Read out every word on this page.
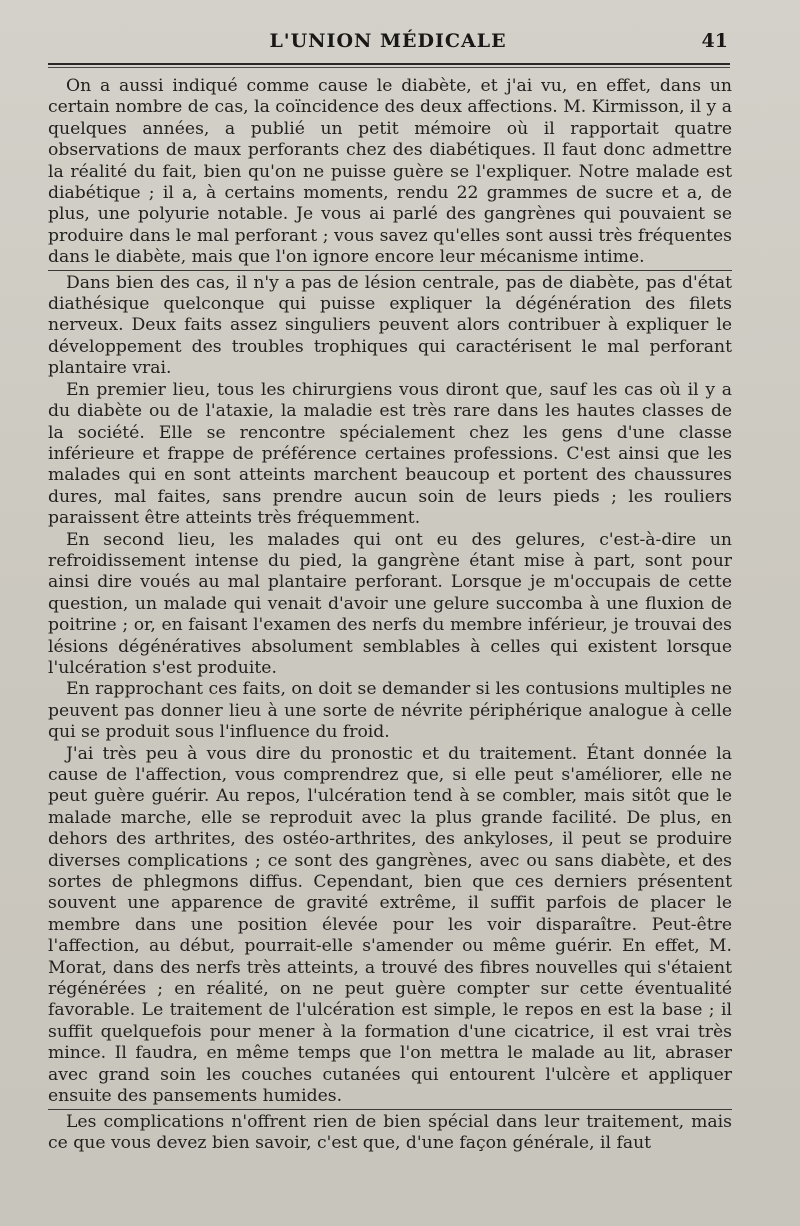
L'UNION MÉDICALE	41

On a aussi indiqué comme cause le diabète, et j'ai vu, en effet, dans un certain nombre de cas, la coïncidence des deux affections. M. Kirmisson, il y a quelques années, a publié un petit mémoire où il rapportait quatre observations de maux perforants chez des diabétiques. Il faut donc admettre la réalité du fait, bien qu'on ne puisse guère se l'expliquer. Notre malade est diabétique ; il a, à certains moments, rendu 22 grammes de sucre et a, de plus, une polyurie notable. Je vous ai parlé des gangrènes qui pouvaient se produire dans le mal perforant ; vous savez qu'elles sont aussi très fréquentes dans le diabète, mais que l'on ignore encore leur mécanisme intime.

Dans bien des cas, il n'y a pas de lésion centrale, pas de diabète, pas d'état diathésique quelconque qui puisse expliquer la dégénération des filets nerveux. Deux faits assez singuliers peuvent alors contribuer à expliquer le développement des troubles trophiques qui caractérisent le mal perforant plantaire vrai.

En premier lieu, tous les chirurgiens vous diront que, sauf les cas où il y a du diabète ou de l'ataxie, la maladie est très rare dans les hautes classes de la société. Elle se rencontre spécialement chez les gens d'une classe inférieure et frappe de préférence certaines professions. C'est ainsi que les malades qui en sont atteints marchent beaucoup et portent des chaussures dures, mal faites, sans prendre aucun soin de leurs pieds ; les rouliers paraissent être atteints très fréquemment.

En second lieu, les malades qui ont eu des gelures, c'est-à-dire un refroidissement intense du pied, la gangrène étant mise à part, sont pour ainsi dire voués au mal plantaire perforant. Lorsque je m'occupais de cette question, un malade qui venait d'avoir une gelure succomba à une fluxion de poitrine ; or, en faisant l'examen des nerfs du membre inférieur, je trouvai des lésions dégénératives absolument semblables à celles qui existent lorsque l'ulcération s'est produite.

En rapprochant ces faits, on doit se demander si les contusions multiples ne peuvent pas donner lieu à une sorte de névrite périphérique analogue à celle qui se produit sous l'influence du froid.

J'ai très peu à vous dire du pronostic et du traitement. Étant donnée la cause de l'affection, vous comprendrez que, si elle peut s'améliorer, elle ne peut guère guérir. Au repos, l'ulcération tend à se combler, mais sitôt que le malade marche, elle se reproduit avec la plus grande facilité. De plus, en dehors des arthrites, des ostéo-arthrites, des ankyloses, il peut se produire diverses complications ; ce sont des gangrènes, avec ou sans diabète, et des sortes de phlegmons diffus. Cependant, bien que ces derniers présentent souvent une apparence de gravité extrême, il suffit parfois de placer le membre dans une position élevée pour les voir disparaître. Peut-être l'affection, au début, pourrait-elle s'amender ou même guérir. En effet, M. Morat, dans des nerfs très atteints, a trouvé des fibres nouvelles qui s'étaient régénérées ; en réalité, on ne peut guère compter sur cette éventualité favorable. Le traitement de l'ulcération est simple, le repos en est la base ; il suffit quelquefois pour mener à la formation d'une cicatrice, il est vrai très mince. Il faudra, en même temps que l'on mettra le malade au lit, abraser avec grand soin les couches cutanées qui entourent l'ulcère et appliquer ensuite des pansements humides.

Les complications n'offrent rien de bien spécial dans leur traitement, mais ce que vous devez bien savoir, c'est que, d'une façon générale, il faut
